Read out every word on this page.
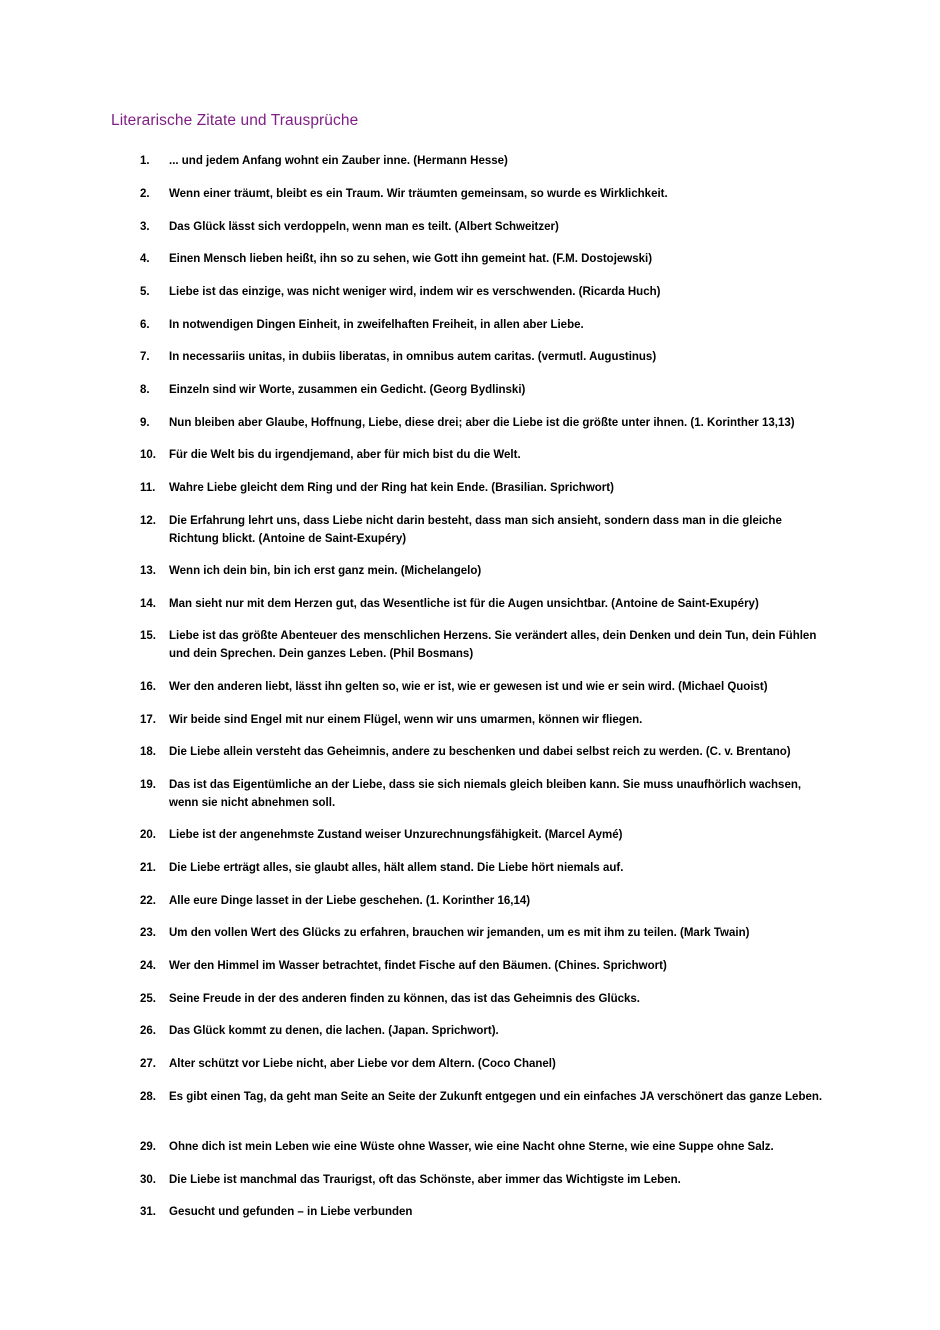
Literarische Zitate und Trausprüche
1. ... und jedem Anfang wohnt ein Zauber inne. (Hermann Hesse)
2. Wenn einer träumt, bleibt es ein Traum. Wir träumten gemeinsam, so wurde es Wirklichkeit.
3. Das Glück lässt sich verdoppeln, wenn man es teilt. (Albert Schweitzer)
4. Einen Mensch lieben heißt, ihn so zu sehen, wie Gott ihn gemeint hat. (F.M. Dostojewski)
5. Liebe ist das einzige, was nicht weniger wird, indem wir es verschwenden. (Ricarda Huch)
6. In notwendigen Dingen Einheit, in zweifelhaften Freiheit, in allen aber Liebe.
7. In necessariis unitas, in dubiis liberatas, in omnibus autem caritas. (vermutl. Augustinus)
8. Einzeln sind wir Worte, zusammen ein Gedicht. (Georg Bydlinski)
9. Nun bleiben aber Glaube, Hoffnung, Liebe, diese drei; aber die Liebe ist die größte unter ihnen. (1. Korinther 13,13)
10. Für die Welt bis du irgendjemand, aber für mich bist du die Welt.
11. Wahre Liebe gleicht dem Ring und der Ring hat kein Ende. (Brasilian. Sprichwort)
12. Die Erfahrung lehrt uns, dass Liebe nicht darin besteht, dass man sich ansieht, sondern dass man in die gleiche Richtung blickt. (Antoine de Saint-Exupéry)
13. Wenn ich dein bin, bin ich erst ganz mein. (Michelangelo)
14. Man sieht nur mit dem Herzen gut, das Wesentliche ist für die Augen unsichtbar. (Antoine de Saint-Exupéry)
15. Liebe ist das größte Abenteuer des menschlichen Herzens. Sie verändert alles, dein Denken und dein Tun, dein Fühlen und dein Sprechen. Dein ganzes Leben. (Phil Bosmans)
16. Wer den anderen liebt, lässt ihn gelten so, wie er ist, wie er gewesen ist und wie er sein wird. (Michael Quoist)
17. Wir beide sind Engel mit nur einem Flügel, wenn wir uns umarmen, können wir fliegen.
18. Die Liebe allein versteht das Geheimnis, andere zu beschenken und dabei selbst reich zu werden. (C. v. Brentano)
19. Das ist das Eigentümliche an der Liebe, dass sie sich niemals gleich bleiben kann. Sie muss unaufhörlich wachsen, wenn sie nicht abnehmen soll.
20. Liebe ist der angenehmste Zustand weiser Unzurechnungsfähigkeit. (Marcel Aymé)
21. Die Liebe erträgt alles, sie glaubt alles, hält allem stand. Die Liebe hört niemals auf.
22. Alle eure Dinge lasset in der Liebe geschehen. (1. Korinther 16,14)
23. Um den vollen Wert des Glücks zu erfahren, brauchen wir jemanden, um es mit ihm zu teilen. (Mark Twain)
24. Wer den Himmel im Wasser betrachtet, findet Fische auf den Bäumen. (Chines. Sprichwort)
25. Seine Freude in der des anderen finden zu können, das ist das Geheimnis des Glücks.
26. Das Glück kommt zu denen, die lachen. (Japan. Sprichwort).
27. Alter schützt vor Liebe nicht, aber Liebe vor dem Altern. (Coco Chanel)
28. Es gibt einen Tag, da geht man Seite an Seite der Zukunft entgegen und ein einfaches JA verschönert das ganze Leben.
29. Ohne dich ist mein Leben wie eine Wüste ohne Wasser, wie eine Nacht ohne Sterne, wie eine Suppe ohne Salz.
30. Die Liebe ist manchmal das Traurigst, oft das Schönste, aber immer das Wichtigste im Leben.
31. Gesucht und gefunden – in Liebe verbunden
